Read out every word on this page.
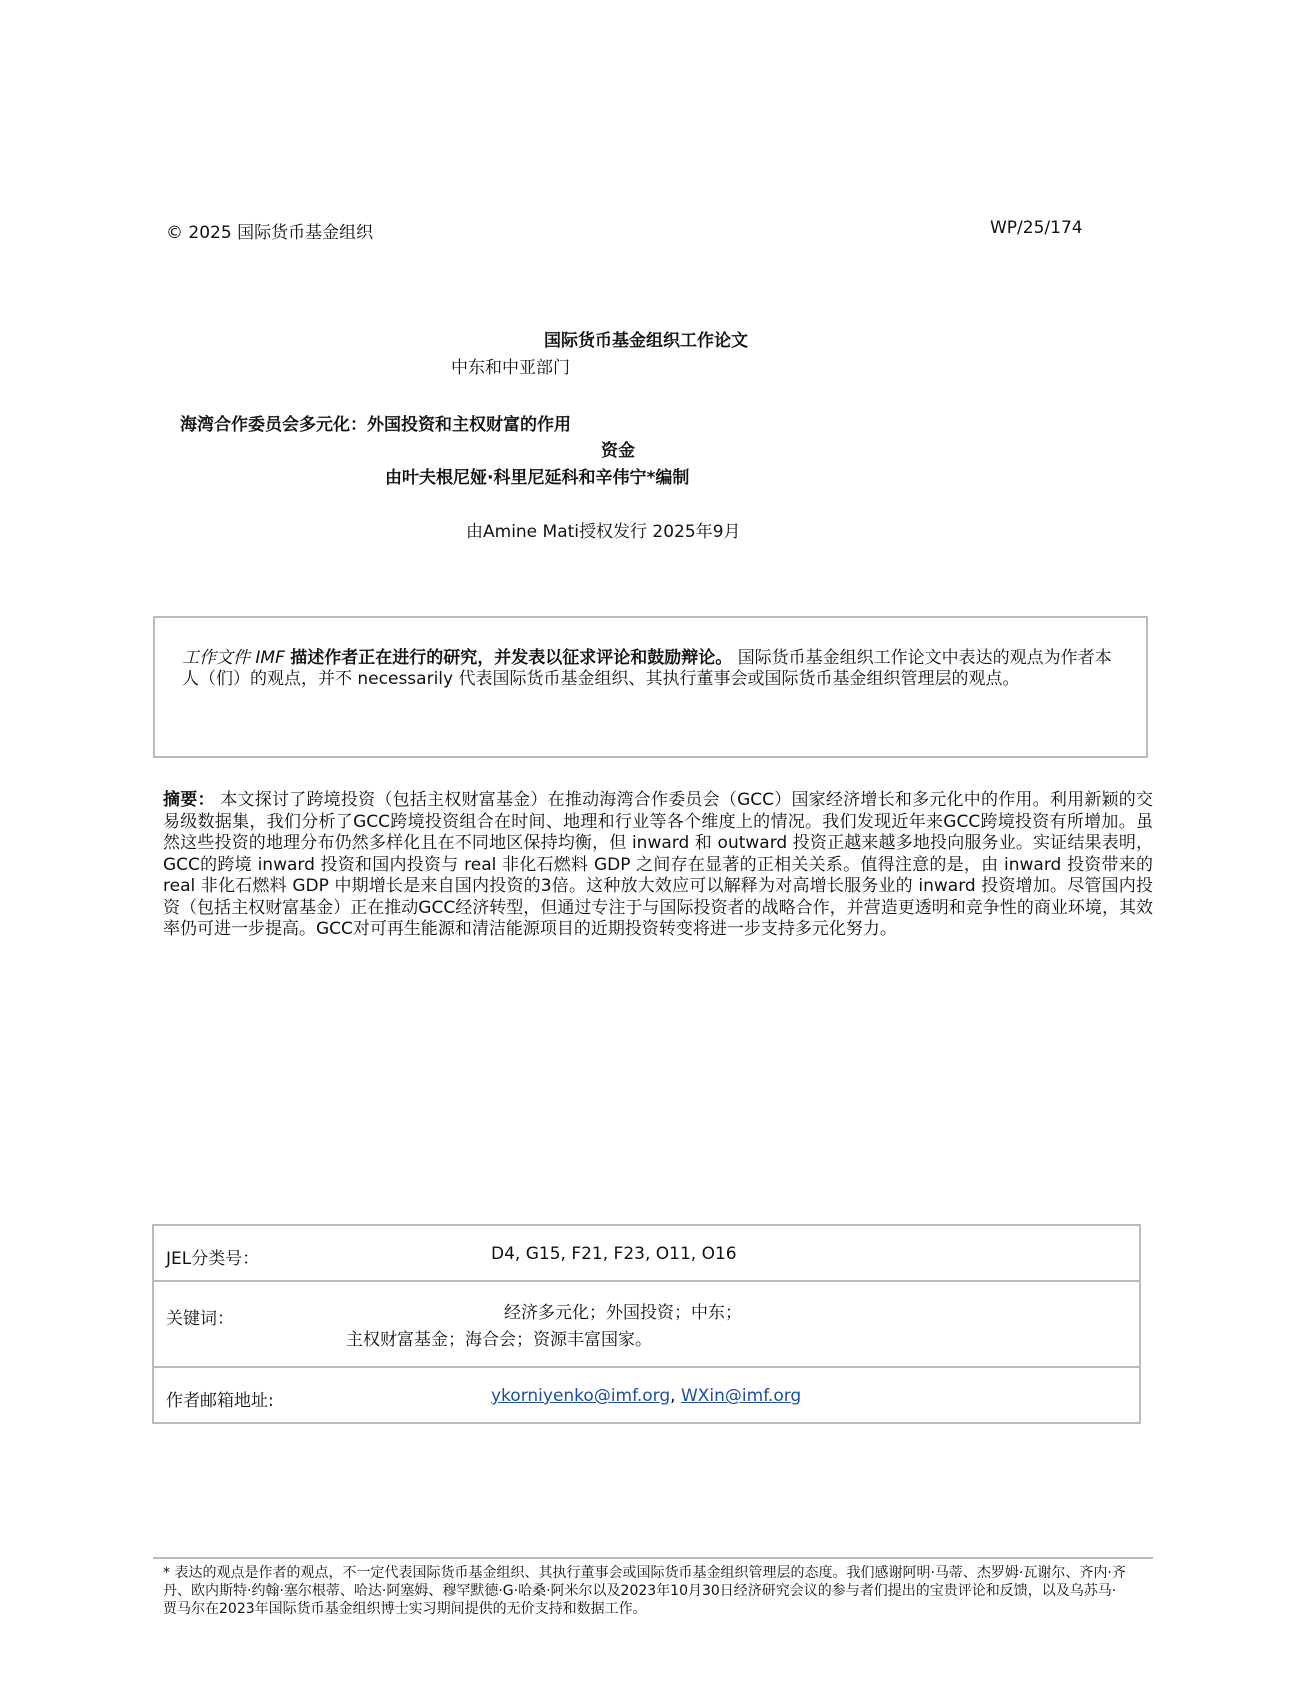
© 2025 国际货币基金组织	WP/25/174
国际货币基金组织工作论文
中东和中亚部门
海湾合作委员会多元化：外国投资和主权财富的作用
资金
由叶夫根尼娅·科里尼延科和辛伟宁*编制
由Amine Mati授权发行 2025年9月
工作文件 IMF 描述作者正在进行的研究，并发表以征求评论和鼓励辩论。 国际货币基金组织工作论文中表达的观点为作者本人（们）的观点，并不 necessarily 代表国际货币基金组织、其执行董事会或国际货币基金组织管理层的观点。
摘要： 本文探讨了跨境投资（包括主权财富基金）在推动海湾合作委员会（GCC）国家经济增长和多元化中的作用。利用新颖的交易级数据集，我们分析了GCC跨境投资组合在时间、地理和行业等各个维度上的情况。我们发现近年来GCC跨境投资有所增加。虽然这些投资的地理分布仍然多样化且在不同地区保持均衡，但 inward 和 outward 投资正越来越多地投向服务业。实证结果表明，GCC的跨境 inward 投资和国内投资与 real 非化石燃料 GDP 之间存在显著的正相关关系。值得注意的是，由 inward 投资带来的 real 非化石燃料 GDP 中期增长是来自国内投资的3倍。这种放大效应可以解释为对高增长服务业的 inward 投资增加。尽管国内投资（包括主权财富基金）正在推动GCC经济转型，但通过专注于与国际投资者的战略合作，并营造更透明和竞争性的商业环境，其效率仍可进一步提高。GCC对可再生能源和清洁能源项目的近期投资转变将进一步支持多元化努力。
JEL分类号：	D4, G15, F21, F23, O11, O16

关键词：	经济多元化；外国投资；中东；
主权财富基金；海合会；资源丰富国家。

作者邮箱地址:	ykorniyenko@imf.org, WXin@imf.org
* 表达的观点是作者的观点，不一定代表国际货币基金组织、其执行董事会或国际货币基金组织管理层的态度。我们感谢阿明·马蒂、杰罗姆·瓦谢尔、齐内·齐丹、欧内斯特·约翰·塞尔根蒂、哈达·阿塞姆、穆罕默德·G·哈桑·阿米尔以及2023年10月30日经济研究会议的参与者们提出的宝贵评论和反馈，以及乌苏马·贾马尔在2023年国际货币基金组织博士实习期间提供的无价支持和数据工作。
